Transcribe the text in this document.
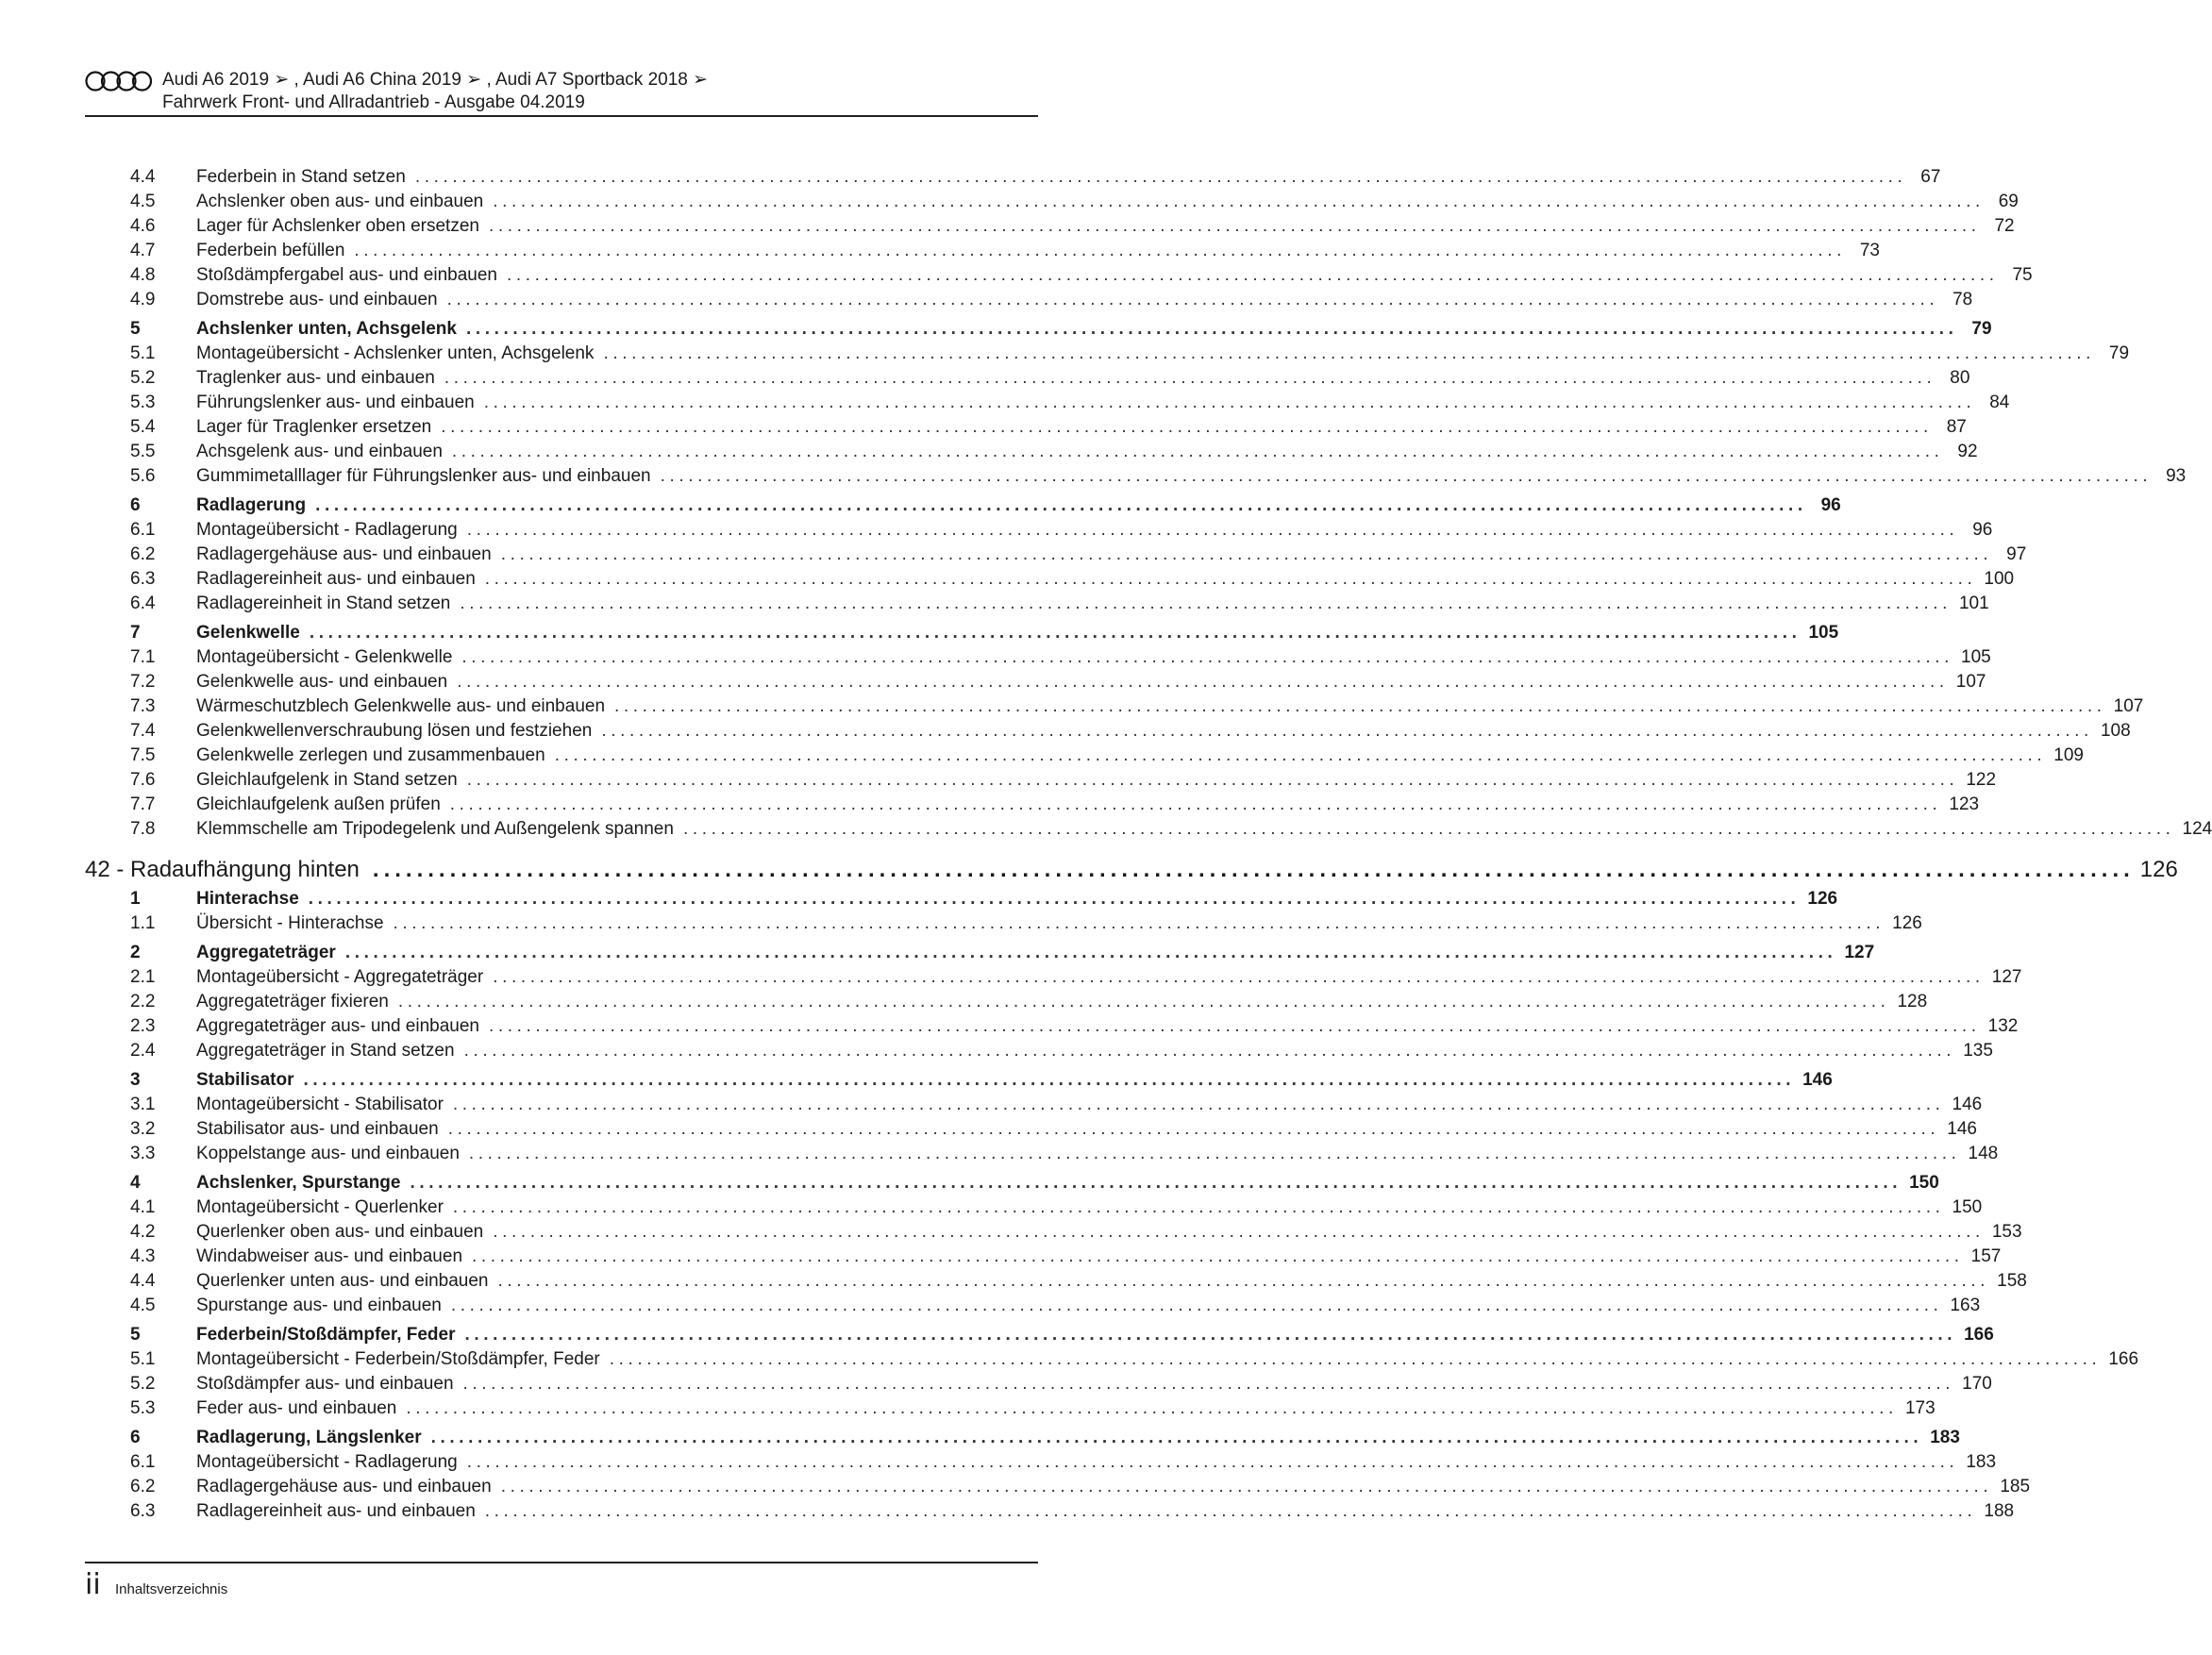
Audi A6 2019 ➢ , Audi A6 China 2019 ➢ , Audi A7 Sportback 2018 ➢
Fahrwerk Front- und Allradantrieb - Ausgabe 04.2019
4.4 Federbein in Stand setzen ................................................................................................................................................................ 67
4.5 Achslenker oben aus- und einbauen ................................................................................................................................................................ 69
4.6 Lager für Achslenker oben ersetzen ................................................................................................................................................................ 72
4.7 Federbein befüllen ................................................................................................................................................................ 73
4.8 Stoßdämpfergabel aus- und einbauen ................................................................................................................................................................ 75
4.9 Domstrebe aus- und einbauen ................................................................................................................................................................ 78
5	Achslenker unten, Achsgelenk ................................................................................................................................................................ 79
5.1 Montageübersicht - Achslenker unten, Achsgelenk ................................................................................................................................................................ 79
5.2 Traglenker aus- und einbauen ................................................................................................................................................................ 80
5.3 Führungslenker aus- und einbauen ................................................................................................................................................................ 84
5.4 Lager für Traglenker ersetzen ................................................................................................................................................................ 87
5.5 Achsgelenk aus- und einbauen ................................................................................................................................................................ 92
5.6 Gummimetalllager für Führungslenker aus- und einbauen ................................................................................................................................................................ 93
6	Radlagerung ................................................................................................................................................................ 96
6.1 Montageübersicht - Radlagerung ................................................................................................................................................................ 96
6.2 Radlagergehäuse aus- und einbauen ................................................................................................................................................................ 97
6.3 Radlagereinheit aus- und einbauen ................................................................................................................................................................ 100
6.4 Radlagereinheit in Stand setzen ................................................................................................................................................................ 101
7	Gelenkwelle ................................................................................................................................................................ 105
7.1 Montageübersicht - Gelenkwelle ................................................................................................................................................................ 105
7.2 Gelenkwelle aus- und einbauen ................................................................................................................................................................ 107
7.3 Wärmeschutzblech Gelenkwelle aus- und einbauen ................................................................................................................................................................ 107
7.4 Gelenkwellenverschraubung lösen und festziehen ................................................................................................................................................................ 108
7.5 Gelenkwelle zerlegen und zusammenbauen ................................................................................................................................................................ 109
7.6 Gleichlaufgelenk in Stand setzen ................................................................................................................................................................ 122
7.7 Gleichlaufgelenk außen prüfen ................................................................................................................................................................ 123
7.8 Klemmschelle am Tripodegelenk und Außengelenk spannen ................................................................................................................................................................ 124
42 - Radaufhängung hinten ................................................................................................................................................................ 126
1	Hinterachse ................................................................................................................................................................ 126
1.1 Übersicht - Hinterachse ................................................................................................................................................................ 126
2	Aggregateträger ................................................................................................................................................................ 127
2.1 Montageübersicht - Aggregateträger ................................................................................................................................................................ 127
2.2 Aggregateträger fixieren ................................................................................................................................................................ 128
2.3 Aggregateträger aus- und einbauen ................................................................................................................................................................ 132
2.4 Aggregateträger in Stand setzen ................................................................................................................................................................ 135
3	Stabilisator ................................................................................................................................................................ 146
3.1 Montageübersicht - Stabilisator ................................................................................................................................................................ 146
3.2 Stabilisator aus- und einbauen ................................................................................................................................................................ 146
3.3 Koppelstange aus- und einbauen ................................................................................................................................................................ 148
4	Achslenker, Spurstange ................................................................................................................................................................ 150
4.1 Montageübersicht - Querlenker ................................................................................................................................................................ 150
4.2 Querlenker oben aus- und einbauen ................................................................................................................................................................ 153
4.3 Windabweiser aus- und einbauen ................................................................................................................................................................ 157
4.4 Querlenker unten aus- und einbauen ................................................................................................................................................................ 158
4.5 Spurstange aus- und einbauen ................................................................................................................................................................ 163
5	Federbein/Stoßdämpfer, Feder ................................................................................................................................................................ 166
5.1 Montageübersicht - Federbein/Stoßdämpfer, Feder ................................................................................................................................................................ 166
5.2 Stoßdämpfer aus- und einbauen ................................................................................................................................................................ 170
5.3 Feder aus- und einbauen ................................................................................................................................................................ 173
6	Radlagerung, Längslenker ................................................................................................................................................................ 183
6.1 Montageübersicht - Radlagerung ................................................................................................................................................................ 183
6.2 Radlagergehäuse aus- und einbauen ................................................................................................................................................................ 185
6.3 Radlagereinheit aus- und einbauen ................................................................................................................................................................ 188
ii Inhaltsverzeichnis
